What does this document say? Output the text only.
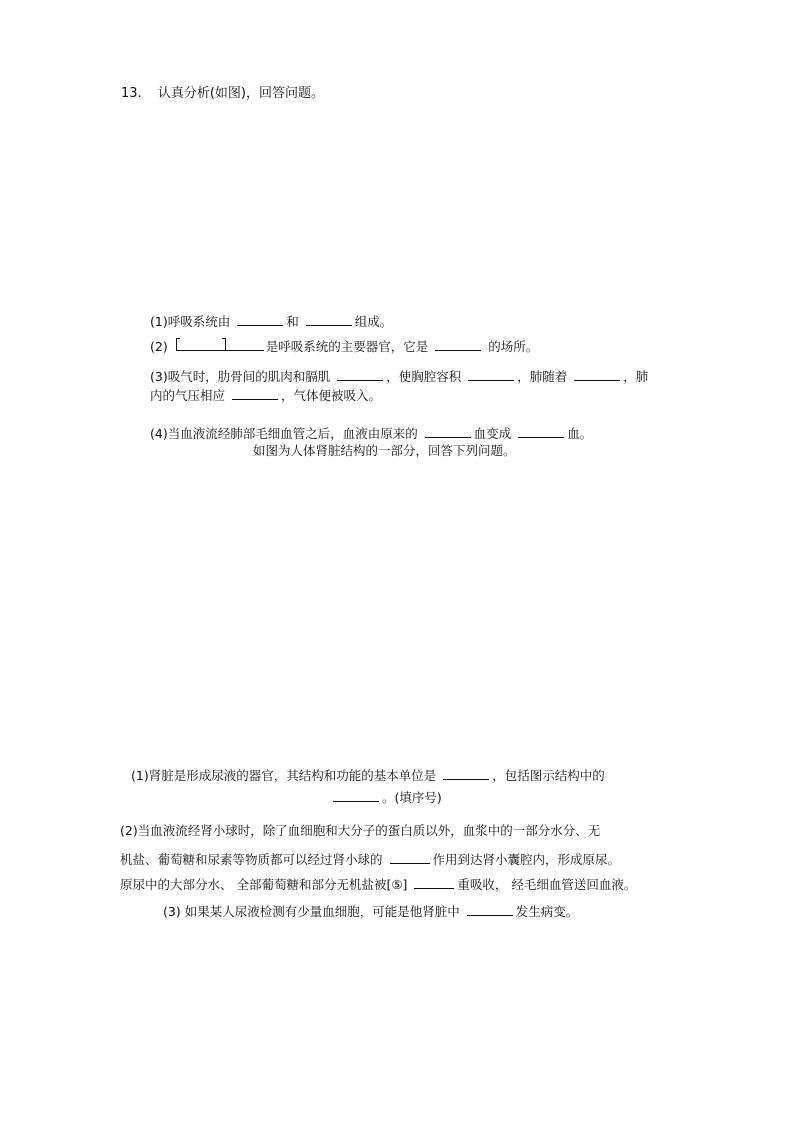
13. 认真分析(如图)，回答问题。
(1)呼吸系统由	和	组成。
(2)	是呼吸系统的主要器官，它是	的场所。
(3)吸气时，肋骨间的肌肉和膈肌	，使胸腔容积	，肺随着	，肺
内的气压相应	，气体便被吸入。
(4)当血液流经肺部毛细血管之后，血液由原来的	血变成	血。
如图为人体肾脏结构的一部分，回答下列问题。
(1)肾脏是形成尿液的器官，其结构和功能的基本单位是	，包括图示结构中的
。(填序号)
(2)当血液流经肾小球时，除了血细胞和大分子的蛋白质以外，血浆中的一部分水分、无
机盐、葡萄糖和尿素等物质都可以经过肾小球的	作用到达肾小囊腔内，形成原尿。
原尿中的大部分水、 全部葡萄糖和部分无机盐被[⑤]	重吸收， 经毛细血管送回血液。
(3) 如果某人尿液检测有少量血细胞，可能是他肾脏中	发生病变。
